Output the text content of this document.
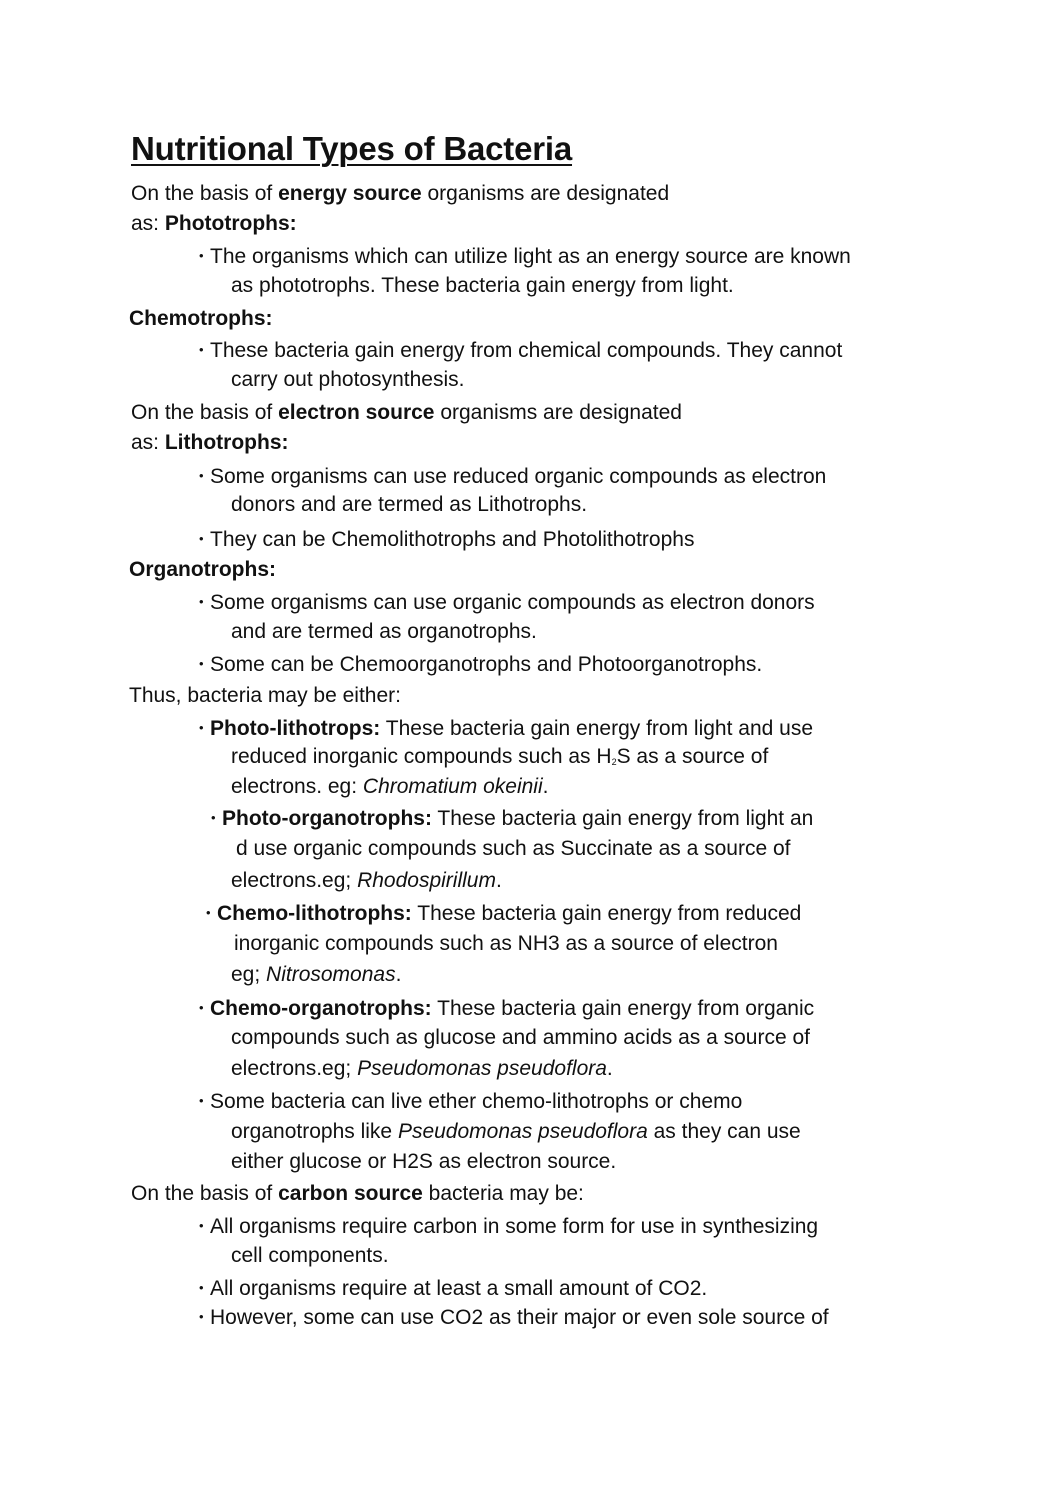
Nutritional Types of Bacteria
On the basis of energy source organisms are designated
as: Phototrophs:
• The organisms which can utilize light as an energy source are known
as phototrophs. These bacteria gain energy from light.
Chemotrophs:
• These bacteria gain energy from chemical compounds. They cannot
carry out photosynthesis.
On the basis of electron source organisms are designated
as: Lithotrophs:
• Some organisms can use reduced organic compounds as electron
donors and are termed as Lithotrophs.
• They can be Chemolithotrophs and Photolithotrophs
Organotrophs:
• Some organisms can use organic compounds as electron donors
and are termed as organotrophs.
• Some can be Chemoorganotrophs and Photoorganotrophs.
Thus, bacteria may be either:
• Photo-lithotrops: These bacteria gain energy from light and use
reduced inorganic compounds such as $H_2S$ as a source of
electrons. eg: Chromatium okeinii.
• Photo-organotrophs: These bacteria gain energy from light an
d use organic compounds such as Succinate as a source of
electrons.eg; Rhodospirillum.
• Chemo-lithotrophs: These bacteria gain energy from reduced
inorganic compounds such as NH3 as a source of electron
eg; Nitrosomonas.
• Chemo-organotrophs: These bacteria gain energy from organic
compounds such as glucose and ammino acids as a source of
electrons.eg; Pseudomonas pseudoflora.
• Some bacteria can live ether chemo-lithotrophs or chemo
organotrophs like Pseudomonas pseudoflora as they can use
either glucose or H2S as electron source.
On the basis of carbon source bacteria may be:
• All organisms require carbon in some form for use in synthesizing
cell components.
• All organisms require at least a small amount of CO2.
• However, some can use CO2 as their major or even sole source of
